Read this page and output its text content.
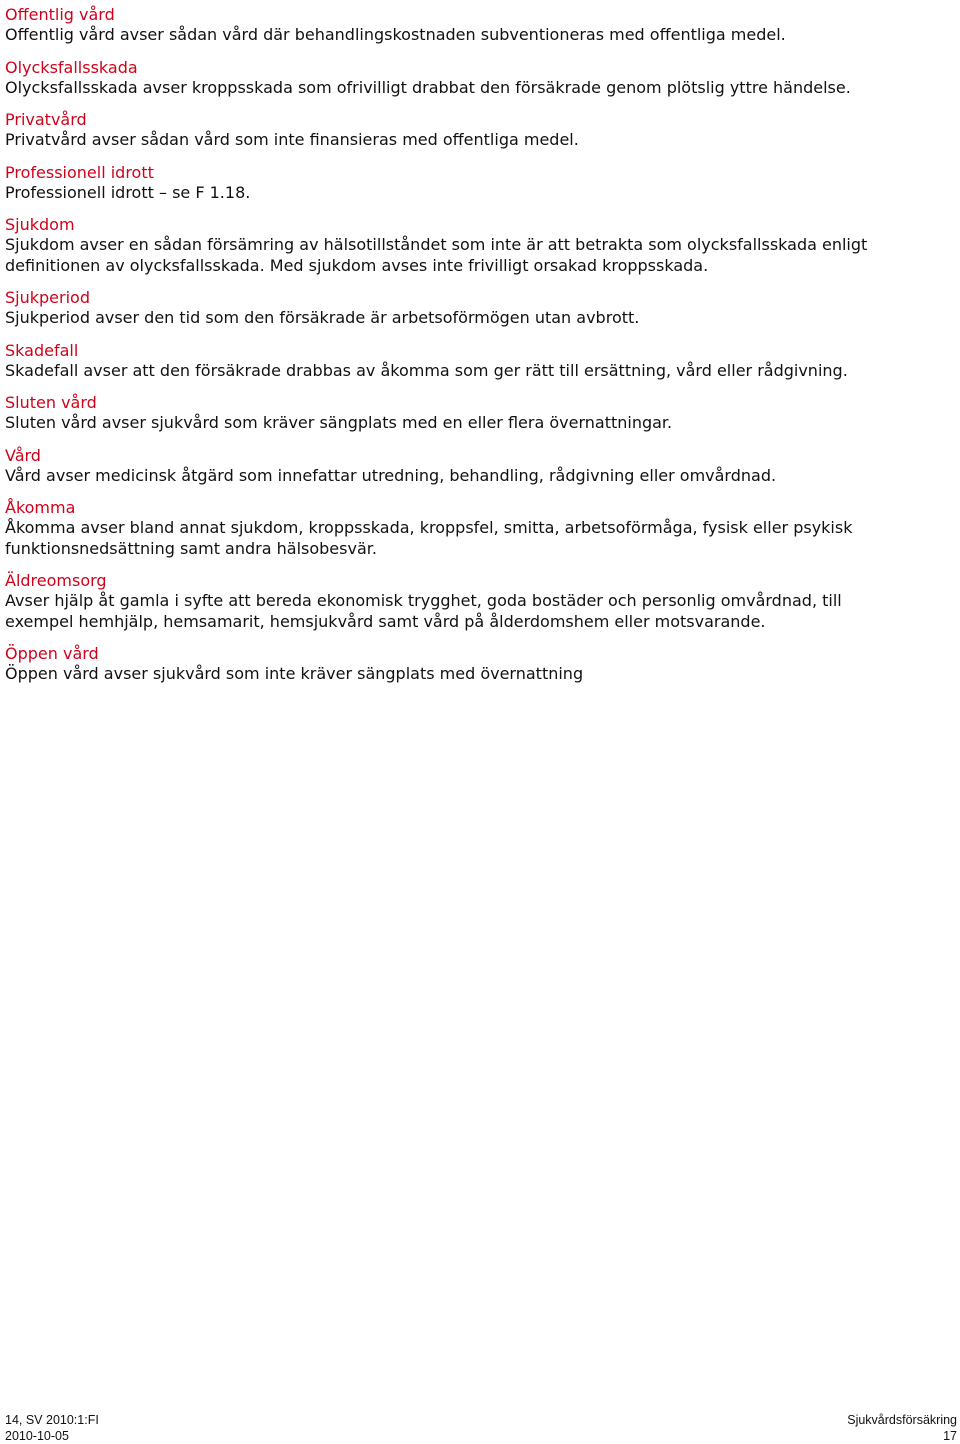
Offentlig vård
Offentlig vård avser sådan vård där behandlingskostnaden subventioneras med offentliga medel.
Olycksfallsskada
Olycksfallsskada avser kroppsskada som ofrivilligt drabbat den försäkrade genom plötslig yttre händelse.
Privatvård
Privatvård avser sådan vård som inte finansieras med offentliga medel.
Professionell idrott
Professionell idrott – se F 1.18.
Sjukdom
Sjukdom avser en sådan försämring av hälsotillståndet som inte är att betrakta som olycksfallsskada enligt definitionen av olycksfallsskada. Med sjukdom avses inte frivilligt orsakad kroppsskada.
Sjukperiod
Sjukperiod avser den tid som den försäkrade är arbetsoförmögen utan avbrott.
Skadefall
Skadefall avser att den försäkrade drabbas av åkomma som ger rätt till ersättning, vård eller rådgivning.
Sluten vård
Sluten vård avser sjukvård som kräver sängplats med en eller flera övernattningar.
Vård
Vård avser medicinsk åtgärd som innefattar utredning, behandling, rådgivning eller omvårdnad.
Åkomma
Åkomma avser bland annat sjukdom, kroppsskada, kroppsfel, smitta, arbetsoförmåga, fysisk eller psykisk funktionsnedsättning samt andra hälsobesvär.
Äldreomsorg
Avser hjälp åt gamla i syfte att bereda ekonomisk trygghet, goda bostäder och personlig omvårdnad, till exempel hemhjälp, hemsamarit, hemsjukvård samt vård på ålderdomshem eller motsvarande.
Öppen vård
Öppen vård avser sjukvård som inte kräver sängplats med övernattning
14, SV 2010:1:FI
2010-10-05
Sjukvårdsförsäkring
17
